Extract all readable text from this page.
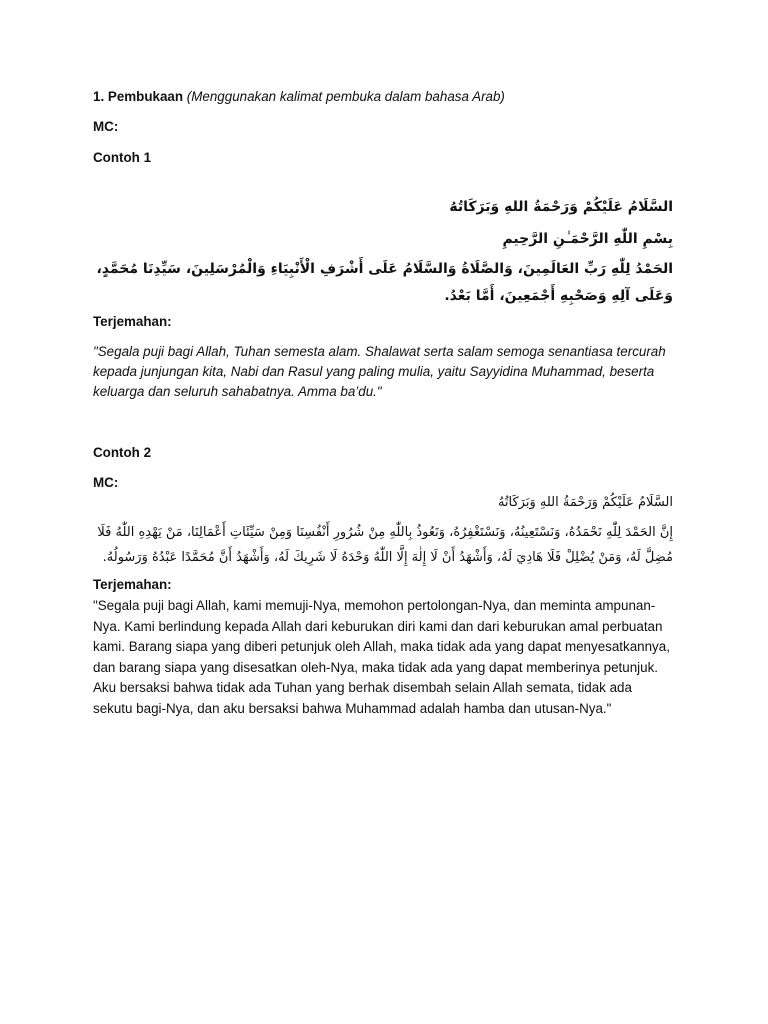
1. Pembukaan (Menggunakan kalimat pembuka dalam bahasa Arab)

MC:

Contoh 1

السَّلَامُ عَلَيْكُمْ وَرَحْمَةُ اللهِ وَبَرَكَاتُهُ

بِسْمِ اللّٰهِ الرَّحْمَـٰنِ الرَّحِيمِ

الحَمْدُ لِلّٰهِ رَبِّ العَالَمِينَ، وَالصَّلَاةُ وَالسَّلَامُ عَلَى أَشْرَفِ الْأَنْبِيَاءِ وَالْمُرْسَلِينَ، سَيِّدِنَا مُحَمَّدٍ، وَعَلَى آلِهِ وَصَحْبِهِ أَجْمَعِينَ، أَمَّا بَعْدُ.

Terjemahan:

"Segala puji bagi Allah, Tuhan semesta alam. Shalawat serta salam semoga senantiasa tercurah kepada junjungan kita, Nabi dan Rasul yang paling mulia, yaitu Sayyidina Muhammad, beserta keluarga dan seluruh sahabatnya. Amma ba’du."

Contoh 2

MC:

السَّلَامُ عَلَيْكُمْ وَرَحْمَةُ اللهِ وَبَرَكَاتُهُ

إِنَّ الحَمْدَ لِلّٰهِ نَحْمَدُهُ، وَنَسْتَعِينُهُ، وَنَسْتَغْفِرُهُ، وَنَعُوذُ بِاللّٰهِ مِنْ شُرُورِ أَنْفُسِنَا وَمِنْ سَيِّئَاتِ أَعْمَالِنَا، مَنْ يَهْدِهِ اللّٰهُ فَلَا مُضِلَّ لَهُ، وَمَنْ يُضْلِلْ فَلَا هَادِيَ لَهُ، وَأَشْهَدُ أَنْ لَا إِلٰهَ إِلَّا اللّٰهُ وَحْدَهُ لَا شَرِيكَ لَهُ، وَأَشْهَدُ أَنَّ مُحَمَّدًا عَبْدُهُ وَرَسُولُهُ.

Terjemahan:

"Segala puji bagi Allah, kami memuji-Nya, memohon pertolongan-Nya, dan meminta ampunan-Nya. Kami berlindung kepada Allah dari keburukan diri kami dan dari keburukan amal perbuatan kami. Barang siapa yang diberi petunjuk oleh Allah, maka tidak ada yang dapat menyesatkannya, dan barang siapa yang disesatkan oleh-Nya, maka tidak ada yang dapat memberinya petunjuk. Aku bersaksi bahwa tidak ada Tuhan yang berhak disembah selain Allah semata, tidak ada sekutu bagi-Nya, dan aku bersaksi bahwa Muhammad adalah hamba dan utusan-Nya."
